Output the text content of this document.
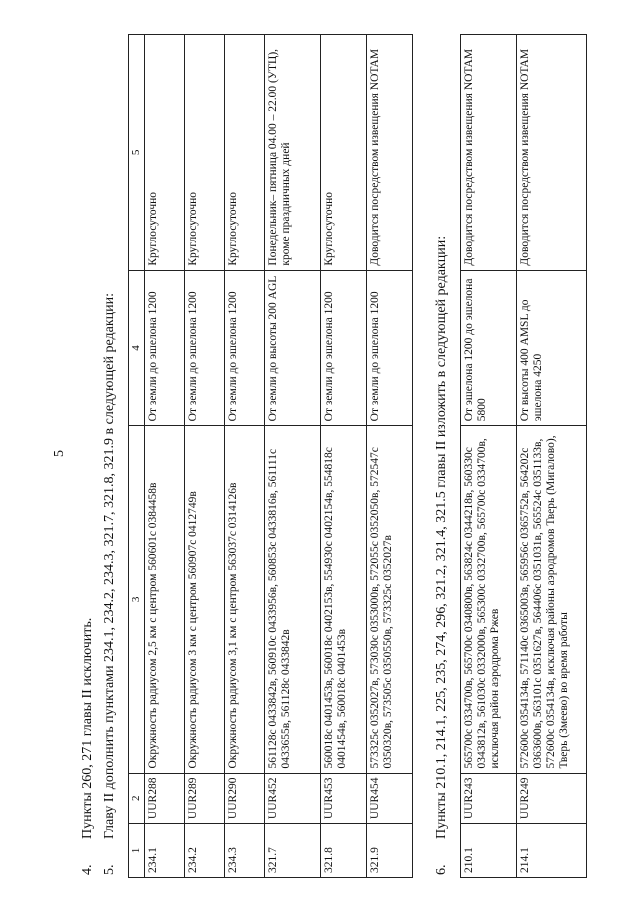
5
4.Пункты 260, 271 главы II исключить.
5.Главу II дополнить пунктами 234.1, 234.2, 234.3, 321.7, 321.8, 321.9 в следующей редакции:
1	2	3	4	5
234.1	UUR288	Окружность радиусом 2,5 км с центром 560601с 0384458в	От земли до эшелона 1200	Круглосуточно
234.2	UUR289	Окружность радиусом 3 км с центром 560907с 0412749в	От земли до эшелона 1200	Круглосуточно
234.3	UUR290	Окружность радиусом 3,1 км с центром 563037с 0314126в	От земли до эшелона 1200	Круглосуточно
321.7	UUR452	561128с 0433842в, 560910с 0433956в, 560853с 0433816в, 561111с 0433655в, 561128с 0433842в	От земли до высоты 200 AGL	Понедельник– пятница 04.00 – 22.00 (УТЦ), кроме праздничных дней
321.8	UUR453	560018с 0401453в, 560018с 0402153в, 554930с 0402154в, 554818с 0401454в, 560018с 0401453в	От земли до эшелона 1200	Круглосуточно
321.9	UUR454	573325с 0352027в, 573030с 0353000в, 572055с 0352050в, 572547с 0350320в, 573505с 0350550в, 573325с 0352027в	От земли до эшелона 1200	Доводится посредством извещения NOTAM
6.Пункты 210.1, 214.1, 225, 235, 274, 296, 321.2, 321.4, 321.5 главы II изложить в следующей редакции:
210.1	UUR243	565700с 0334700в, 565700с 0340800в, 563824с 0344218в, 560330с 0343812в, 561030с 0332000в, 565300с 0332700в, 565700с 0334700в, исключая район аэродрома Ржев	От эшелона 1200 до эшелона 5800	Доводится посредством извещения NOTAM
214.1	UUR249	572600с 0354134в, 571140с 0365003в, 565956с 0365752в, 564202с 0363600в, 563101с 0351627в, 564406с 0351031в, 565524с 0351133в, 572600с 0354134в, исключая районы аэродромов Тверь (Мигалово), Тверь (Змеево) во время работы	От высоты 400 AMSL до эшелона 4250	Доводится посредством извещения NOTAM
